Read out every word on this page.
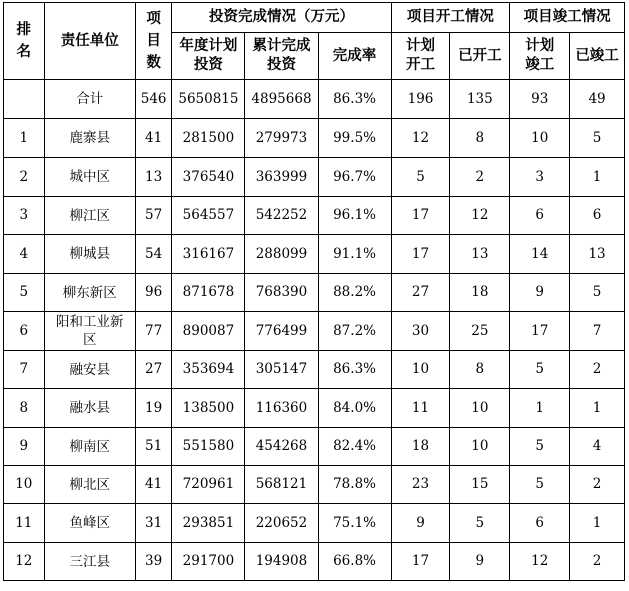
排名	责任单位	项目数	投资完成情况（万元）			项目开工情况		项目竣工情况	
			年度计划投资	累计完成投资	完成率	计划开工	已开工	计划竣工	已竣工
	合计	546	5650815	4895668	86.3%	196	135	93	49
1	鹿寨县	41	281500	279973	99.5%	12	8	10	5
2	城中区	13	376540	363999	96.7%	5	2	3	1
3	柳江区	57	564557	542252	96.1%	17	12	6	6
4	柳城县	54	316167	288099	91.1%	17	13	14	13
5	柳东新区	96	871678	768390	88.2%	27	18	9	5
6	阳和工业新区	77	890087	776499	87.2%	30	25	17	7
7	融安县	27	353694	305147	86.3%	10	8	5	2
8	融水县	19	138500	116360	84.0%	11	10	1	1
9	柳南区	51	551580	454268	82.4%	18	10	5	4
10	柳北区	41	720961	568121	78.8%	23	15	5	2
11	鱼峰区	31	293851	220652	75.1%	9	5	6	1
12	三江县	39	291700	194908	66.8%	17	9	12	2
